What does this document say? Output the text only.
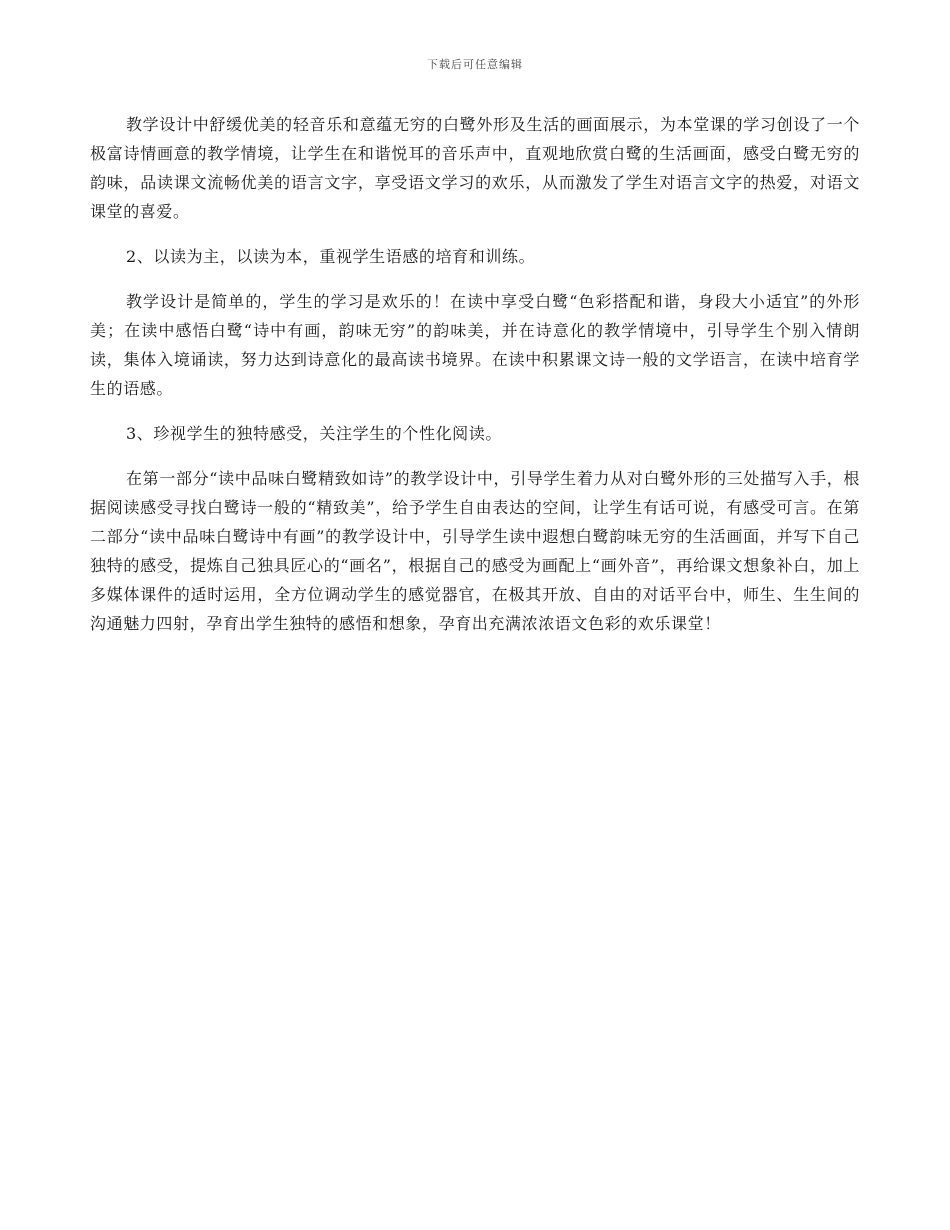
下载后可任意编辑

教学设计中舒缓优美的轻音乐和意蕴无穷的白鹭外形及生活的画面展示，为本堂课的学习创设了一个极富诗情画意的教学情境，让学生在和谐悦耳的音乐声中，直观地欣赏白鹭的生活画面，感受白鹭无穷的韵味，品读课文流畅优美的语言文字，享受语文学习的欢乐，从而激发了学生对语言文字的热爱，对语文课堂的喜爱。

2、以读为主，以读为本，重视学生语感的培育和训练。

教学设计是简单的，学生的学习是欢乐的！在读中享受白鹭“色彩搭配和谐，身段大小适宜”的外形美；在读中感悟白鹭“诗中有画，韵味无穷”的韵味美，并在诗意化的教学情境中，引导学生个别入情朗读，集体入境诵读，努力达到诗意化的最高读书境界。在读中积累课文诗一般的文学语言，在读中培育学生的语感。

3、珍视学生的独特感受，关注学生的个性化阅读。

在第一部分“读中品味白鹭精致如诗”的教学设计中，引导学生着力从对白鹭外形的三处描写入手，根据阅读感受寻找白鹭诗一般的“精致美”，给予学生自由表达的空间，让学生有话可说，有感受可言。在第二部分“读中品味白鹭诗中有画”的教学设计中，引导学生读中遐想白鹭韵味无穷的生活画面，并写下自己独特的感受，提炼自己独具匠心的“画名”，根据自己的感受为画配上“画外音”，再给课文想象补白，加上多媒体课件的适时运用，全方位调动学生的感觉器官，在极其开放、自由的对话平台中，师生、生生间的沟通魅力四射，孕育出学生独特的感悟和想象，孕育出充满浓浓语文色彩的欢乐课堂！
